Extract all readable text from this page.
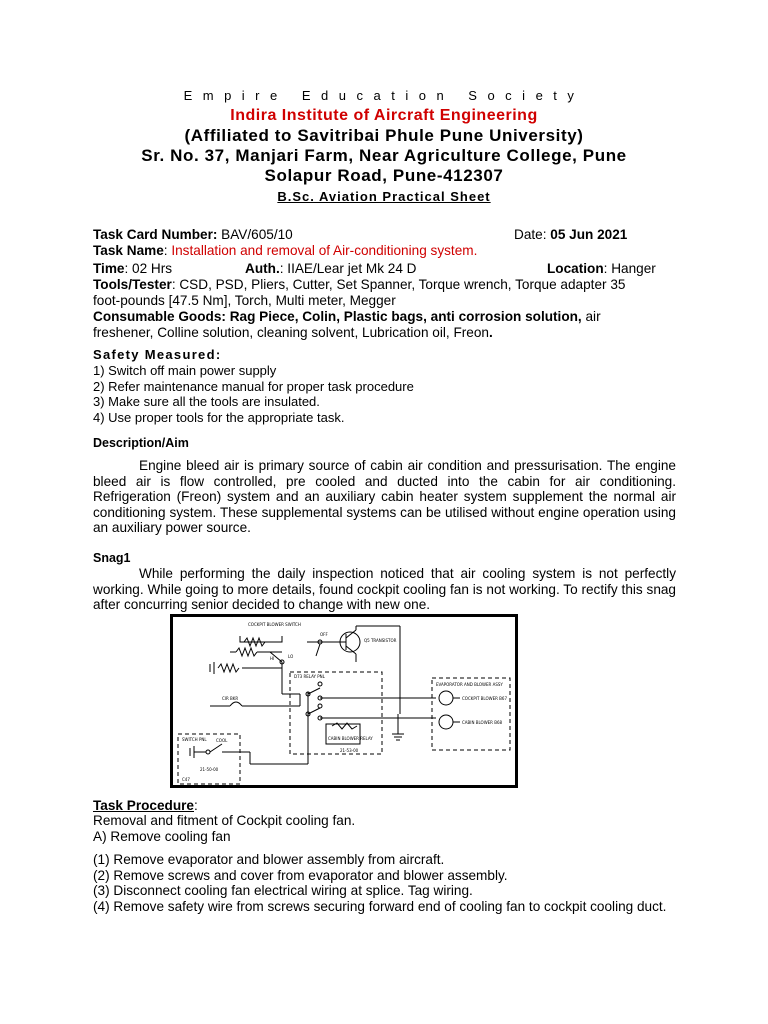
Empire Education Society
Indira Institute of Aircraft Engineering
(Affiliated to Savitribai Phule Pune University)
Sr. No. 37, Manjari Farm, Near Agriculture College, Pune
Solapur Road, Pune-412307
B.Sc. Aviation Practical Sheet
Task Card Number: BAV/605/10	Date: 05 Jun 2021
Task Name: Installation and removal of Air-conditioning system.
Time: 02 Hrs	Auth.: IIAE/Lear jet Mk 24 D	Location: Hanger
Tools/Tester: CSD, PSD, Pliers, Cutter, Set Spanner, Torque wrench, Torque adapter 35
foot-pounds [47.5 Nm], Torch, Multi meter, Megger
Consumable Goods: Rag Piece, Colin, Plastic bags, anti corrosion solution, air
freshener, Colline solution, cleaning solvent, Lubrication oil, Freon.
Safety Measured:
1) Switch off main power supply
2) Refer maintenance manual for proper task procedure
3) Make sure all the tools are insulated.
4) Use proper tools for the appropriate task.
Description/Aim
Engine bleed air is primary source of cabin air condition and pressurisation. The engine bleed air is flow controlled, pre cooled and ducted into the cabin for air conditioning. Refrigeration (Freon) system and an auxiliary cabin heater system supplement the normal air conditioning system. These supplemental systems can be utilised without engine operation using an auxiliary power source.
Snag1
While performing the daily inspection noticed that air cooling system is not perfectly working. While going to more details, found cockpit cooling fan is not working. To rectify this snag after concurring senior decided to change with new one.
COCKPIT BLOWER SWITCH
OFF
LO
HI
Q5 TRANSISTOR
CIR BKR
D73 RELAY PNL
EVAPORATOR AND BLOWER ASSY
COCKPIT BLOWER B67
CABIN BLOWER B68
CABIN BLOWER RELAY
SWITCH PNL COOL
C47
21-50-00
21-53-00
Task Procedure:
Removal and fitment of Cockpit cooling fan.
A) Remove cooling fan
(1) Remove evaporator and blower assembly from aircraft.
(2) Remove screws and cover from evaporator and blower assembly.
(3) Disconnect cooling fan electrical wiring at splice. Tag wiring.
(4) Remove safety wire from screws securing forward end of cooling fan to cockpit cooling duct.
